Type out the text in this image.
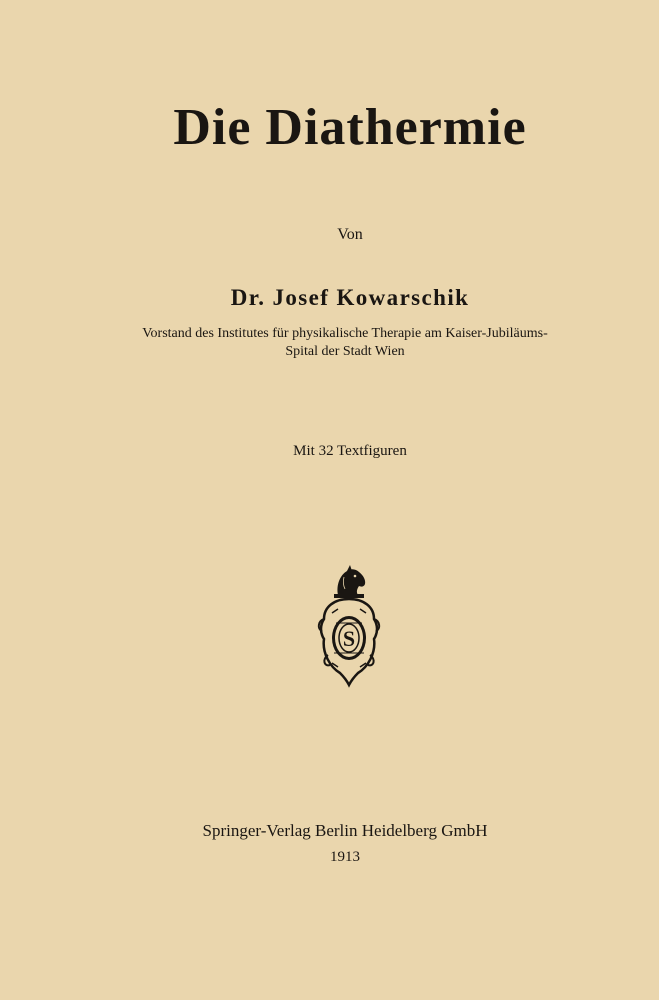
Die Diathermie
Von
Dr. Josef Kowarschik
Vorstand des Institutes für physikalische Therapie am Kaiser-Jubiläums-
Spital der Stadt Wien
Mit 32 Textfiguren
S
Springer-Verlag Berlin Heidelberg GmbH
1913
